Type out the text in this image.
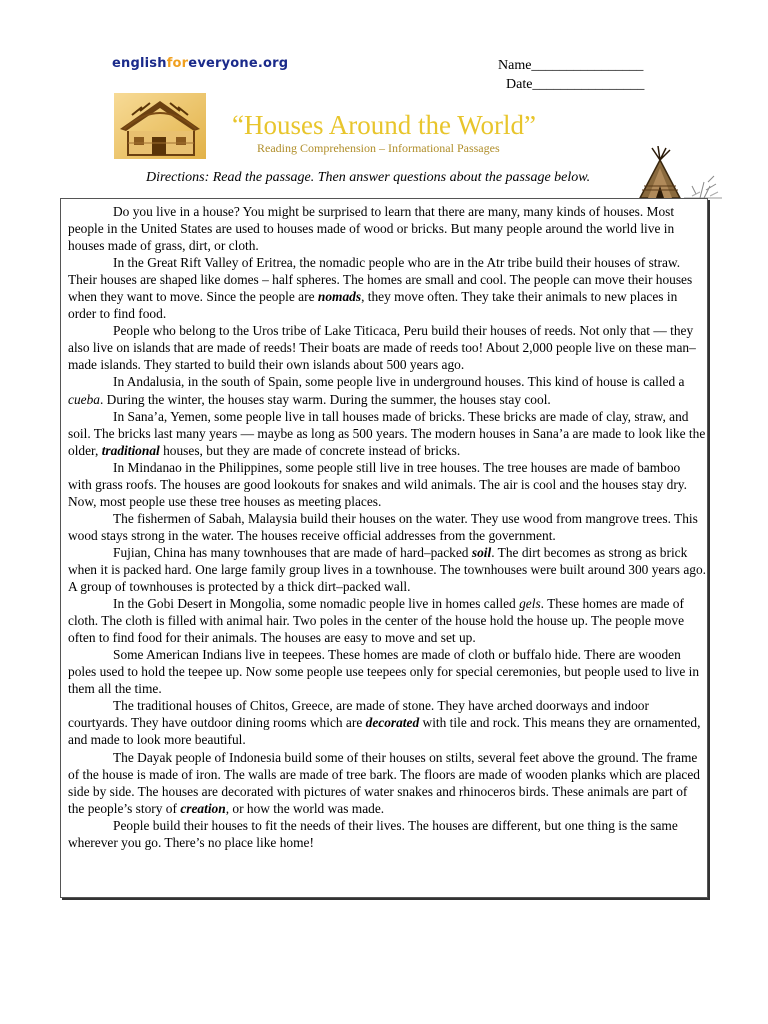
englishforeveryone.org	Name________________
Date________________
“Houses Around the World”
Reading Comprehension – Informational Passages
Directions: Read the passage. Then answer questions about the passage below.

Do you live in a house? You might be surprised to learn that there are many, many kinds of houses. Most people in the United States are used to houses made of wood or bricks. But many people around the world live in houses made of grass, dirt, or cloth.

In the Great Rift Valley of Eritrea, the nomadic people who are in the Atr tribe build their houses of straw. Their houses are shaped like domes – half spheres. The homes are small and cool. The people can move their houses when they want to move. Since the people are nomads, they move often. They take their animals to new places in order to find food.

People who belong to the Uros tribe of Lake Titicaca, Peru build their houses of reeds. Not only that — they also live on islands that are made of reeds! Their boats are made of reeds too! About 2,000 people live on these man–made islands. They started to build their own islands about 500 years ago.

In Andalusia, in the south of Spain, some people live in underground houses. This kind of house is called a cueba. During the winter, the houses stay warm. During the summer, the houses stay cool.

In Sana’a, Yemen, some people live in tall houses made of bricks. These bricks are made of clay, straw, and soil. The bricks last many years — maybe as long as 500 years. The modern houses in Sana’a are made to look like the older, traditional houses, but they are made of concrete instead of bricks.

In Mindanao in the Philippines, some people still live in tree houses. The tree houses are made of bamboo with grass roofs. The houses are good lookouts for snakes and wild animals. The air is cool and the houses stay dry. Now, most people use these tree houses as meeting places.

The fishermen of Sabah, Malaysia build their houses on the water. They use wood from mangrove trees. This wood stays strong in the water. The houses receive official addresses from the government.

Fujian, China has many townhouses that are made of hard–packed soil. The dirt becomes as strong as brick when it is packed hard. One large family group lives in a townhouse. The townhouses were built around 300 years ago. A group of townhouses is protected by a thick dirt–packed wall.

In the Gobi Desert in Mongolia, some nomadic people live in homes called gels. These homes are made of cloth. The cloth is filled with animal hair. Two poles in the center of the house hold the house up. The people move often to find food for their animals. The houses are easy to move and set up.

Some American Indians live in teepees. These homes are made of cloth or buffalo hide. There are wooden poles used to hold the teepee up. Now some people use teepees only for special ceremonies, but people used to live in them all the time.

The traditional houses of Chitos, Greece, are made of stone. They have arched doorways and indoor courtyards. They have outdoor dining rooms which are decorated with tile and rock. This means they are ornamented, and made to look more beautiful.

The Dayak people of Indonesia build some of their houses on stilts, several feet above the ground. The frame of the house is made of iron. The walls are made of tree bark. The floors are made of wooden planks which are placed side by side. The houses are decorated with pictures of water snakes and rhinoceros birds. These animals are part of the people’s story of creation, or how the world was made.

People build their houses to fit the needs of their lives. The houses are different, but one thing is the same wherever you go. There’s no place like home!
